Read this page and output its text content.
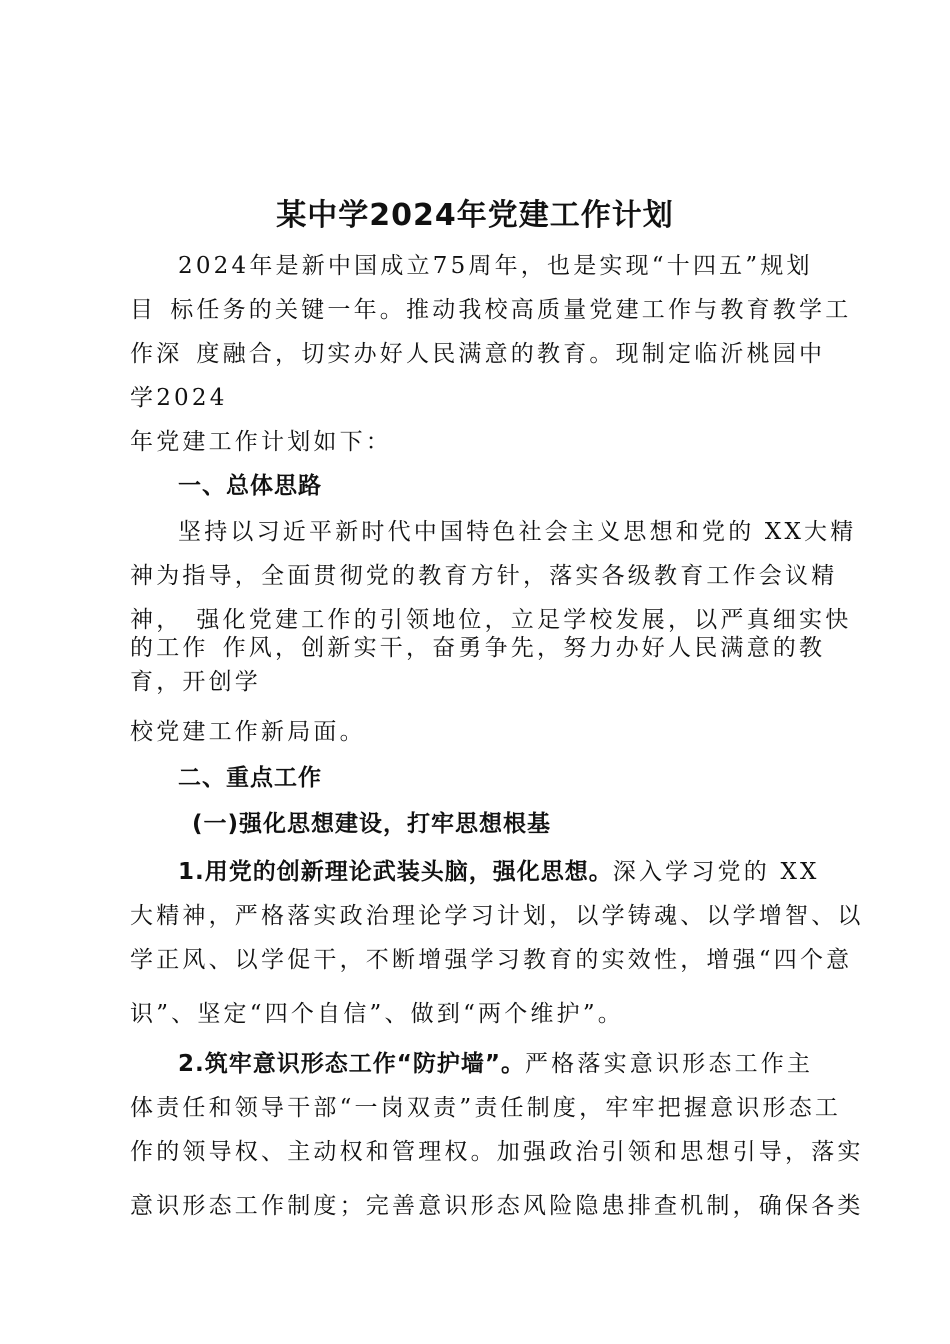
某中学2024年党建工作计划

2024年是新中国成立75周年，也是实现“十四五”规划

目 标任务的关键一年。推动我校高质量党建工作与教育教学工

作深 度融合，切实办好人民满意的教育。现制定临沂桃园中

学2024

年党建工作计划如下：

一、总体思路

坚持以习近平新时代中国特色社会主义思想和党的 XX大精

神为指导，全面贯彻党的教育方针，落实各级教育工作会议精

神， 强化党建工作的引领地位，立足学校发展，以严真细实快

的工作 作风，创新实干，奋勇争先，努力办好人民满意的教

育，开创学

校党建工作新局面。

二、重点工作

(一)强化思想建设，打牢思想根基

1.用党的创新理论武装头脑，强化思想。深入学习党的 XX

大精神，严格落实政治理论学习计划，以学铸魂、以学增智、以

学正风、以学促干，不断增强学习教育的实效性，增强“四个意

识”、坚定“四个自信”、做到“两个维护”。

2.筑牢意识形态工作“防护墙”。严格落实意识形态工作主

体责任和领导干部“一岗双责”责任制度，牢牢把握意识形态工

作的领导权、主动权和管理权。加强政治引领和思想引导，落实

意识形态工作制度；完善意识形态风险隐患排查机制，确保各类
